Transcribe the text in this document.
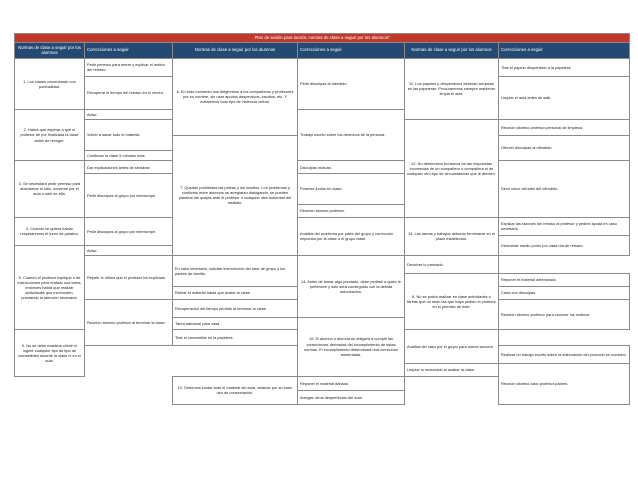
Plan de sesión para tutoría: normas de clase a seguir por los alumnos*					
Normas de clase a seguir por los alumnos	Correcciones a seguir	Normas de clase a seguir por los alumnos	Correcciones a seguir	Normas de clase a seguir por los alumnos	Correcciones a seguir
1. Los clases comenzarán con puntualidad.	Pedir permiso para entrar y explicar el motivo del retraso.	6. En todo momento nos dirigiremos a los compañeros y profesores por su nombre, sin usar apodos despectivos, insultos, etc. Y evitaremos todo tipo de violencia verbal.	Pedir disculpas al ofendido.	11. Los papeles y desperdicios deberán arrojarse en las papeleras. Procuraremos siempre mantener limpia el aula.	Tirar el papelo desperdicio a la papelera.
	Recuperar el tiempo del retraso en el recreo.				Limpiar el aula antes de salir.

2. Habrá que esperar a que el profesor dé por finalizada la clase antes de recoger.	Aviso.		Trabajo escrito sobre los derechos de la persona.		
	Volver a sacar todo el material.			12. No deberemos burlarnos de las respuestas incorrectas de un compañero o compañera ni de cualquier otro tipo de circunstancias que le afecten.	Reunión alumno-profesor-personal de limpieza.
		7. Quedan prohibidas las peleas y los insultos. Los problemas y conflictos entre alumnos se arreglarán dialogando, se pueden plantear las quejas ante el profesor o cualquier otra autoridad del instituto.			Ofrecer disculpas al ofendido.
	Continuar la clase 5 minutos más.				
3. Se necesitará pedir permiso para abandonar el sitio, moverse por el aula o salir de ella.	Dar explicaciones antes de sentarse.		Disculpas mutuas.		Decir cinco virtudes del ofendido.
	Pedir disculpas al grupo por interrumpir.		Ponerse juntos en clase.		
			Reunión alumno-profesor.		
4. Cuando se quiera hablar respetaremos el turno de palabra.	Pedir disculpas al grupo por interrumpir.		Análisis del problema por parte del grupo y corrección impuesta por la clase o el grupo clase.	13. Las tareas y trabajos deberán terminarse en el plazo establecido.	Explicar las razones del retraso al profesor y pedirle ayuda en caso necesario.
					Descontar medio punto por cada día de retraso.
5. Cuando el profesor explique o dé instrucciones para realizar una tarea, entonces habrá que realizar actividades que incomoden, prestando la atención necesaria.	Aviso.				
	Repetir lo último que el profesor ha explicado.	En caso necesario, solicitar intervención del tutor de grupo y los padres de familia.	14. Antes de tomar algo prestado, debe pedirse a quien le pertenece y solo será conseguido con la debida autorización.	Devolver lo prestado.	
				8. No se podrá realizar en clase actividades o tareas que no sean las que haya pedido el profesor en el permiso de éste.	Reponer el material deteriorado.
		Retirar el material hasta que acabe la clase.			Carta con disculpas.
	Reunión alumno-profesor al terminar la clase.	Recuperación del tiempo perdido al terminar la clase.			Reunión alumno-profesor para conocer los motivos.
		Tarea adicional para casa.	15. El alumno o alumna se obligará a cumplir las correcciones derivadas del incumplimiento de estas normas. El incumplimiento determinará una corrección aumentada.		
9. No se debe masticar chicle ni ingerir cualquier tipo de tipo de comestibles durante la clase ni en el aula.		Tirar el comestible en la papelera.		Análisis del caso por el grupo para nueva sanción.	
					Realizar un trabajo escrito sobre la elaboración del producto en cuestión.
				Limpiar lo ensuciado al acabar la clase.	Reunión alumno-tutor-profesor-padres.
		10. Debemos cuidar todo el material del aula, velando por su buen uso de conservación.	Reponer el material dañado.		
			Arreglar otros desperfectos del aula.		
